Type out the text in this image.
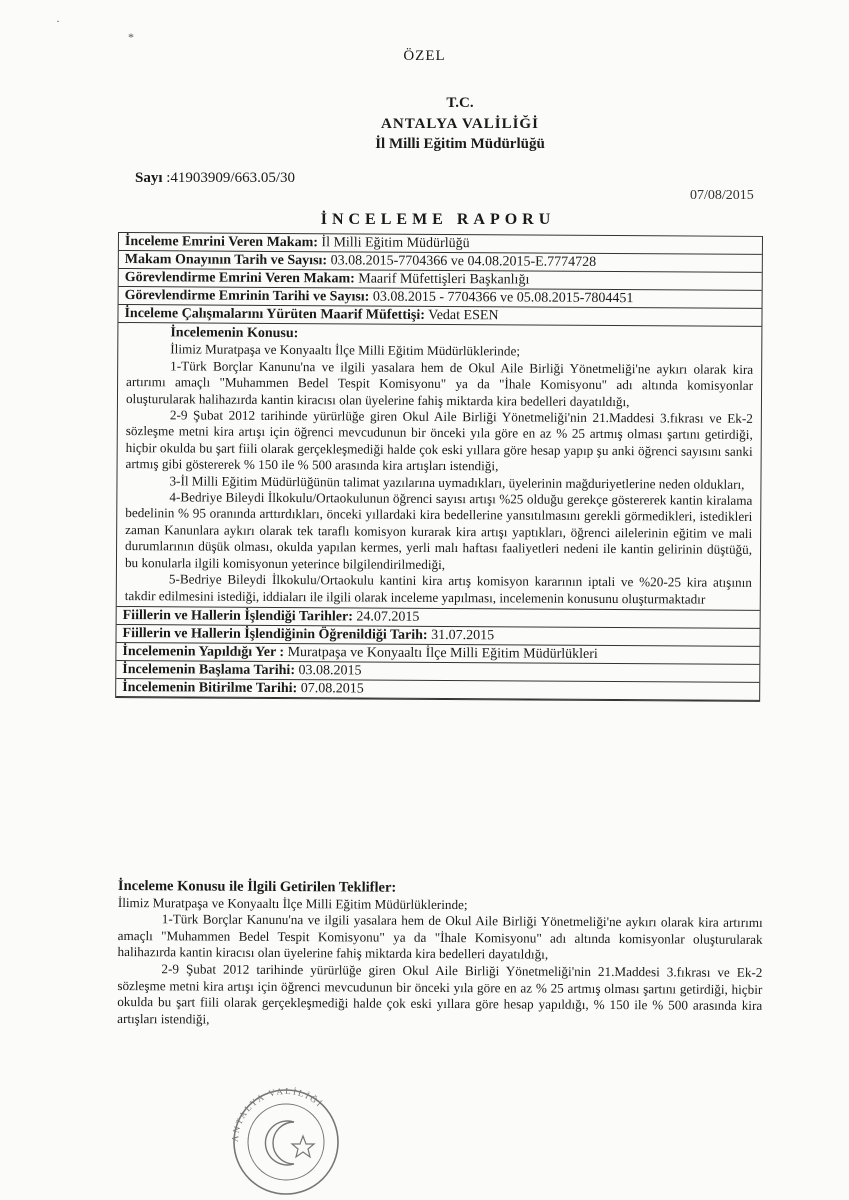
·
*
ÖZEL
T.C.
ANTALYA VALİLİĞİ
İl Milli Eğitim Müdürlüğü
Sayı :41903909/663.05/30
07/08/2015
İNCELEME RAPORU
İnceleme Emrini Veren Makam: İl Milli Eğitim Müdürlüğü
Makam Onayının Tarih ve Sayısı: 03.08.2015-7704366 ve 04.08.2015-E.7774728
Görevlendirme Emrini Veren Makam: Maarif Müfettişleri Başkanlığı
Görevlendirme Emrinin Tarihi ve Sayısı: 03.08.2015 - 7704366 ve 05.08.2015-7804451
İnceleme Çalışmalarını Yürüten Maarif Müfettişi: Vedat ESEN
İncelemenin Konusu:

İlimiz Muratpaşa ve Konyaaltı İlçe Milli Eğitim Müdürlüklerinde;

1-Türk Borçlar Kanunu'na ve ilgili yasalara hem de Okul Aile Birliği Yönetmeliği'ne aykırı olarak kira artırımı amaçlı "Muhammen Bedel Tespit Komisyonu" ya da "İhale Komisyonu" adı altında komisyonlar oluşturularak halihazırda kantin kiracısı olan üyelerine fahiş miktarda kira bedelleri dayatıldığı,

2-9 Şubat 2012 tarihinde yürürlüğe giren Okul Aile Birliği Yönetmeliği'nin 21.Maddesi 3.fıkrası ve Ek-2 sözleşme metni kira artışı için öğrenci mevcudunun bir önceki yıla göre en az % 25 artmış olması şartını getirdiği, hiçbir okulda bu şart fiili olarak gerçekleşmediği halde çok eski yıllara göre hesap yapıp şu anki öğrenci sayısını sanki artmış gibi göstererek % 150 ile % 500 arasında kira artışları istendiği,

3-İl Milli Eğitim Müdürlüğünün talimat yazılarına uymadıkları, üyelerinin mağduriyetlerine neden oldukları,

4-Bedriye Bileydi İlkokulu/Ortaokulunun öğrenci sayısı artışı %25 olduğu gerekçe göstererek kantin kiralama bedelinin % 95 oranında arttırdıkları, önceki yıllardaki kira bedellerine yansıtılmasını gerekli görmedikleri, istedikleri zaman Kanunlara aykırı olarak tek taraflı komisyon kurarak kira artışı yaptıkları, öğrenci ailelerinin eğitim ve mali durumlarının düşük olması, okulda yapılan kermes, yerli malı haftası faaliyetleri nedeni ile kantin gelirinin düştüğü, bu konularla ilgili komisyonun yeterince bilgilendirilmediği,

5-Bedriye Bileydi İlkokulu/Ortaokulu kantini kira artış komisyon kararının iptali ve %20-25 kira atışının takdir edilmesini istediği, iddiaları ile ilgili olarak inceleme yapılması, incelemenin konusunu oluşturmaktadır

Fiillerin ve Hallerin İşlendiği Tarihler: 24.07.2015
Fiillerin ve Hallerin İşlendiğinin Öğrenildiği Tarih: 31.07.2015
İncelemenin Yapıldığı Yer : Muratpaşa ve Konyaaltı İlçe Milli Eğitim Müdürlükleri
İncelemenin Başlama Tarihi: 03.08.2015
İncelemenin Bitirilme Tarihi: 07.08.2015
İnceleme Konusu ile İlgili Getirilen Teklifler:

İlimiz Muratpaşa ve Konyaaltı İlçe Milli Eğitim Müdürlüklerinde;

1-Türk Borçlar Kanunu'na ve ilgili yasalara hem de Okul Aile Birliği Yönetmeliği'ne aykırı olarak kira artırımı amaçlı "Muhammen Bedel Tespit Komisyonu" ya da "İhale Komisyonu" adı altında komisyonlar oluşturularak halihazırda kantin kiracısı olan üyelerine fahiş miktarda kira bedelleri dayatıldığı,

2-9 Şubat 2012 tarihinde yürürlüğe giren Okul Aile Birliği Yönetmeliği'nin 21.Maddesi 3.fıkrası ve Ek-2 sözleşme metni kira artışı için öğrenci mevcudunun bir önceki yıla göre en az % 25 artmış olması şartını getirdiği, hiçbir okulda bu şart fiili olarak gerçekleşmediği halde çok eski yıllara göre hesap yapıldığı, % 150 ile % 500 arasında kira artışları istendiği,

ANTALYA VALİLİĞİ
